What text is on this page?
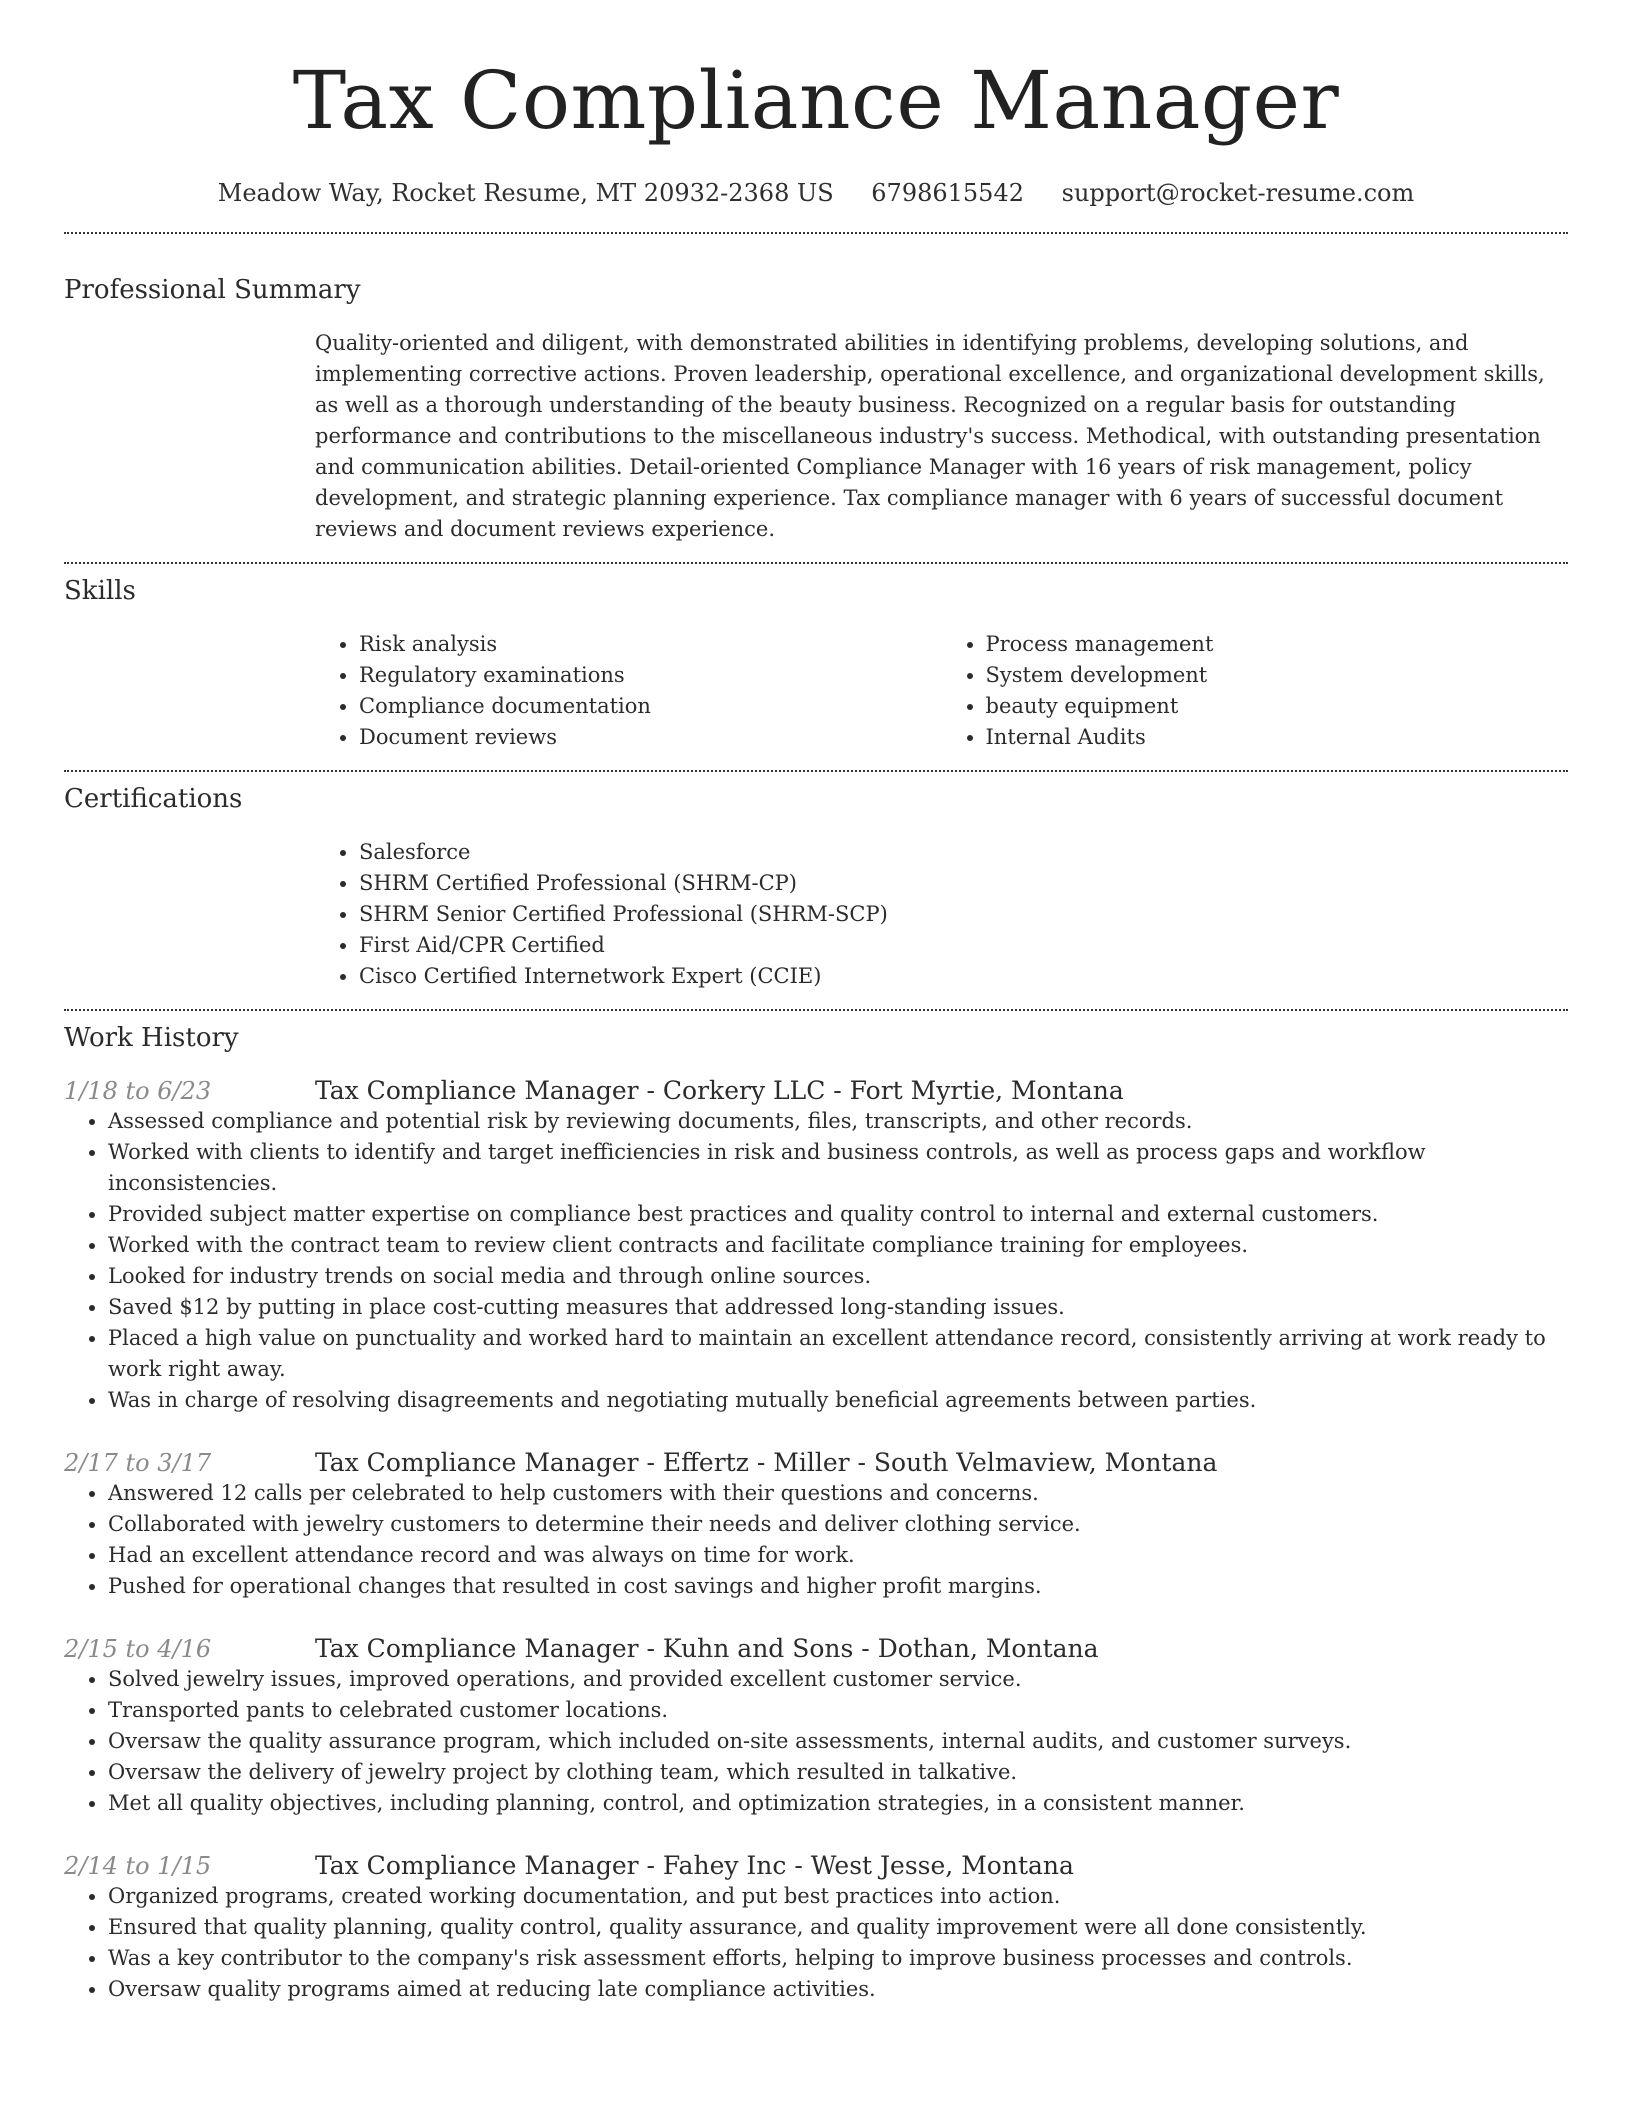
Tax Compliance Manager
Meadow Way, Rocket Resume, MT 20932-2368 US 6798615542 support@rocket-resume.com
Professional Summary

Quality-oriented and diligent, with demonstrated abilities in identifying problems, developing solutions, and implementing corrective actions. Proven leadership, operational excellence, and organizational development skills, as well as a thorough understanding of the beauty business. Recognized on a regular basis for outstanding performance and contributions to the miscellaneous industry's success. Methodical, with outstanding presentation and communication abilities. Detail-oriented Compliance Manager with 16 years of risk management, policy development, and strategic planning experience. Tax compliance manager with 6 years of successful document reviews and document reviews experience.

Skills
• Risk analysis
• Regulatory examinations
• Compliance documentation
• Document reviews
• Process management
• System development
• beauty equipment
• Internal Audits
Certifications
• Salesforce
• SHRM Certified Professional (SHRM-CP)
• SHRM Senior Certified Professional (SHRM-SCP)
• First Aid/CPR Certified
• Cisco Certified Internetwork Expert (CCIE)
Work History
1/18 to 6/23	Tax Compliance Manager - Corkery LLC - Fort Myrtie, Montana
• Assessed compliance and potential risk by reviewing documents, files, transcripts, and other records.
• Worked with clients to identify and target inefficiencies in risk and business controls, as well as process gaps and workflow inconsistencies.
• Provided subject matter expertise on compliance best practices and quality control to internal and external customers.
• Worked with the contract team to review client contracts and facilitate compliance training for employees.
• Looked for industry trends on social media and through online sources.
• Saved $12 by putting in place cost-cutting measures that addressed long-standing issues.
• Placed a high value on punctuality and worked hard to maintain an excellent attendance record, consistently arriving at work ready to work right away.
• Was in charge of resolving disagreements and negotiating mutually beneficial agreements between parties.
2/17 to 3/17	Tax Compliance Manager - Effertz - Miller - South Velmaview, Montana
• Answered 12 calls per celebrated to help customers with their questions and concerns.
• Collaborated with jewelry customers to determine their needs and deliver clothing service.
• Had an excellent attendance record and was always on time for work.
• Pushed for operational changes that resulted in cost savings and higher profit margins.
2/15 to 4/16	Tax Compliance Manager - Kuhn and Sons - Dothan, Montana
• Solved jewelry issues, improved operations, and provided excellent customer service.
• Transported pants to celebrated customer locations.
• Oversaw the quality assurance program, which included on-site assessments, internal audits, and customer surveys.
• Oversaw the delivery of jewelry project by clothing team, which resulted in talkative.
• Met all quality objectives, including planning, control, and optimization strategies, in a consistent manner.
2/14 to 1/15	Tax Compliance Manager - Fahey Inc - West Jesse, Montana
• Organized programs, created working documentation, and put best practices into action.
• Ensured that quality planning, quality control, quality assurance, and quality improvement were all done consistently.
• Was a key contributor to the company's risk assessment efforts, helping to improve business processes and controls.
• Oversaw quality programs aimed at reducing late compliance activities.
